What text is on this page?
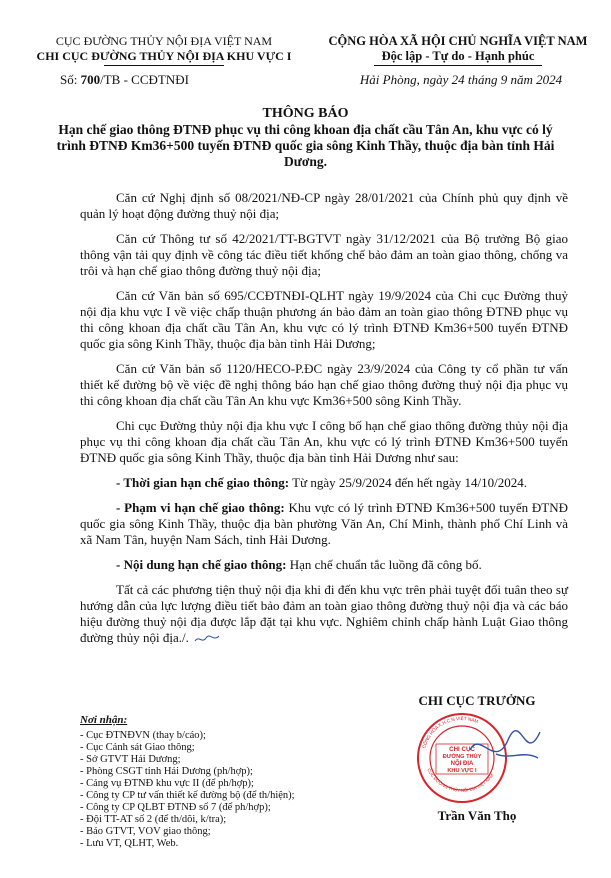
CỤC ĐƯỜNG THỦY NỘI ĐỊA VIỆT NAM
CHI CỤC ĐƯỜNG THỦY NỘI ĐỊA KHU VỰC I
CỘNG HÒA XÃ HỘI CHỦ NGHĨA VIỆT NAM
Độc lập - Tự do - Hạnh phúc
Số: 700/TB - CCĐTNĐI	Hải Phòng, ngày 24 tháng 9 năm 2024
THÔNG BÁO
Hạn chế giao thông ĐTNĐ phục vụ thi công khoan địa chất cầu Tân An, khu vực có lý trình ĐTNĐ Km36+500 tuyến ĐTNĐ quốc gia sông Kinh Thầy, thuộc địa bàn tỉnh Hải Dương.

Căn cứ Nghị định số 08/2021/NĐ-CP ngày 28/01/2021 của Chính phủ quy định về quản lý hoạt động đường thuỷ nội địa;

Căn cứ Thông tư số 42/2021/TT-BGTVT ngày 31/12/2021 của Bộ trưởng Bộ giao thông vận tải quy định về công tác điều tiết khống chế bảo đảm an toàn giao thông, chống va trôi và hạn chế giao thông đường thuỷ nội địa;

Căn cứ Văn bản số 695/CCĐTNĐI-QLHT ngày 19/9/2024 của Chi cục Đường thuỷ nội địa khu vực I về việc chấp thuận phương án bảo đảm an toàn giao thông ĐTNĐ phục vụ thi công khoan địa chất cầu Tân An, khu vực có lý trình ĐTNĐ Km36+500 tuyến ĐTNĐ quốc gia sông Kinh Thầy, thuộc địa bàn tỉnh Hải Dương;

Căn cứ Văn bản số 1120/HECO-P.ĐC ngày 23/9/2024 của Công ty cổ phần tư vấn thiết kế đường bộ về việc đề nghị thông báo hạn chế giao thông đường thuỷ nội địa phục vụ thi công khoan địa chất cầu Tân An khu vực Km36+500 sông Kinh Thầy.

Chi cục Đường thủy nội địa khu vực I công bố hạn chế giao thông đường thủy nội địa phục vụ thi công khoan địa chất cầu Tân An, khu vực có lý trình ĐTNĐ Km36+500 tuyến ĐTNĐ quốc gia sông Kinh Thầy, thuộc địa bàn tỉnh Hải Dương như sau:

- Thời gian hạn chế giao thông: Từ ngày 25/9/2024 đến hết ngày 14/10/2024.

- Phạm vi hạn chế giao thông: Khu vực có lý trình ĐTNĐ Km36+500 tuyến ĐTNĐ quốc gia sông Kinh Thầy, thuộc địa bàn phường Văn An, Chí Minh, thành phố Chí Linh và xã Nam Tân, huyện Nam Sách, tỉnh Hải Dương.

- Nội dung hạn chế giao thông: Hạn chế chuẩn tắc luồng đã công bố.

Tất cả các phương tiện thuỷ nội địa khi đi đến khu vực trên phải tuyệt đối tuân theo sự hướng dẫn của lực lượng điều tiết bảo đảm an toàn giao thông đường thuỷ nội địa và các báo hiệu đường thuỷ nội địa được lắp đặt tại khu vực. Nghiêm chỉnh chấp hành Luật Giao thông đường thủy nội địa./.

Nơi nhận:
- Cục ĐTNĐVN (thay b/cáo);
- Cục Cảnh sát Giao thông;
- Sở GTVT Hải Dương;
- Phòng CSGT tỉnh Hải Dương (ph/hợp);
- Cảng vụ ĐTNĐ khu vực II (để ph/hợp);
- Công ty CP tư vấn thiết kế đường bộ (để th/hiện);
- Công ty CP QLBT ĐTNĐ số 7 (để ph/hợp);
- Đội TT-AT số 2 (để th/dõi, k/tra);
- Báo GTVT, VOV giao thông;
- Lưu VT, QLHT, Web.
CHI CỤC TRƯỞNG
CHI CỤC
ĐƯỜNG THỦY
NỘI ĐỊA
KHU VỰC I
CỘNG HÒA X.H.C.N VIỆT NAM
CỤC ĐƯỜNG THỦY NỘI ĐỊA VIỆT NAM
Trần Văn Thọ
